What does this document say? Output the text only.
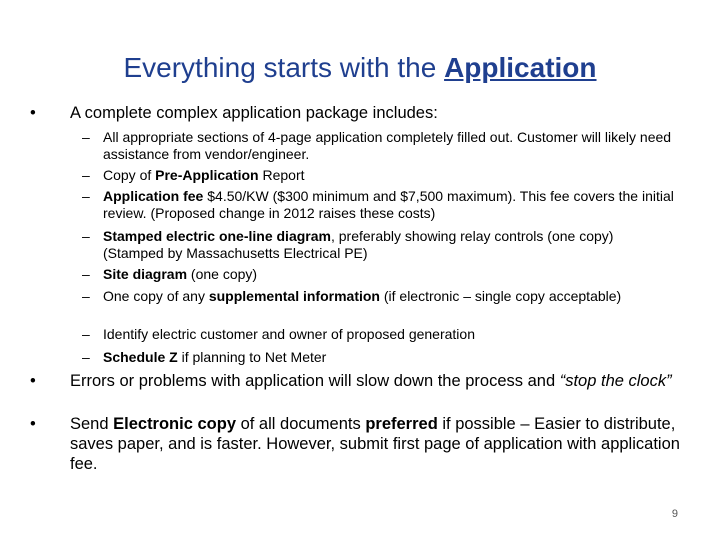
Everything starts with the Application
• A complete complex application package includes:
– All appropriate sections of 4-page application completely filled out. Customer will likely need assistance from vendor/engineer.
– Copy of Pre-Application Report
– Application fee $4.50/KW ($300 minimum and $7,500 maximum). This fee covers the initial review. (Proposed change in 2012 raises these costs)
– Stamped electric one-line diagram, preferably showing relay controls (one copy) (Stamped by Massachusetts Electrical PE)
– Site diagram (one copy)
– One copy of any supplemental information (if electronic – single copy acceptable)
– Identify electric customer and owner of proposed generation
– Schedule Z if planning to Net Meter
• Errors or problems with application will slow down the process and “stop the clock”
• Send Electronic copy of all documents preferred if possible – Easier to distribute, saves paper, and is faster. However, submit first page of application with application fee.
9
